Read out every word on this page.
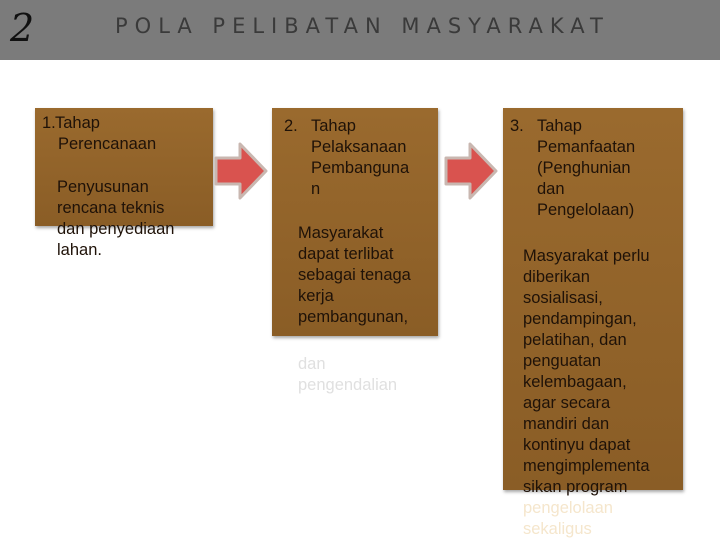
2	POLA PELIBATAN MASYARAKAT
1. Tahap
Perencanaan
Penyusunan
rencana teknis
dan penyediaan
lahan.
2. Tahap
Pelaksanaan
Pembanguna
n
Masyarakat
dapat terlibat
sebagai tenaga
kerja
pembangunan,
dan
pengendalian
3. Tahap
Pemanfaatan
(Penghunian
dan
Pengelolaan)
Masyarakat perlu
diberikan
sosialisasi,
pendampingan,
pelatihan, dan
penguatan
kelembagaan,
agar secara
mandiri dan
kontinyu dapat
mengimplementa
sikan program
pengelolaan
sekaligus
